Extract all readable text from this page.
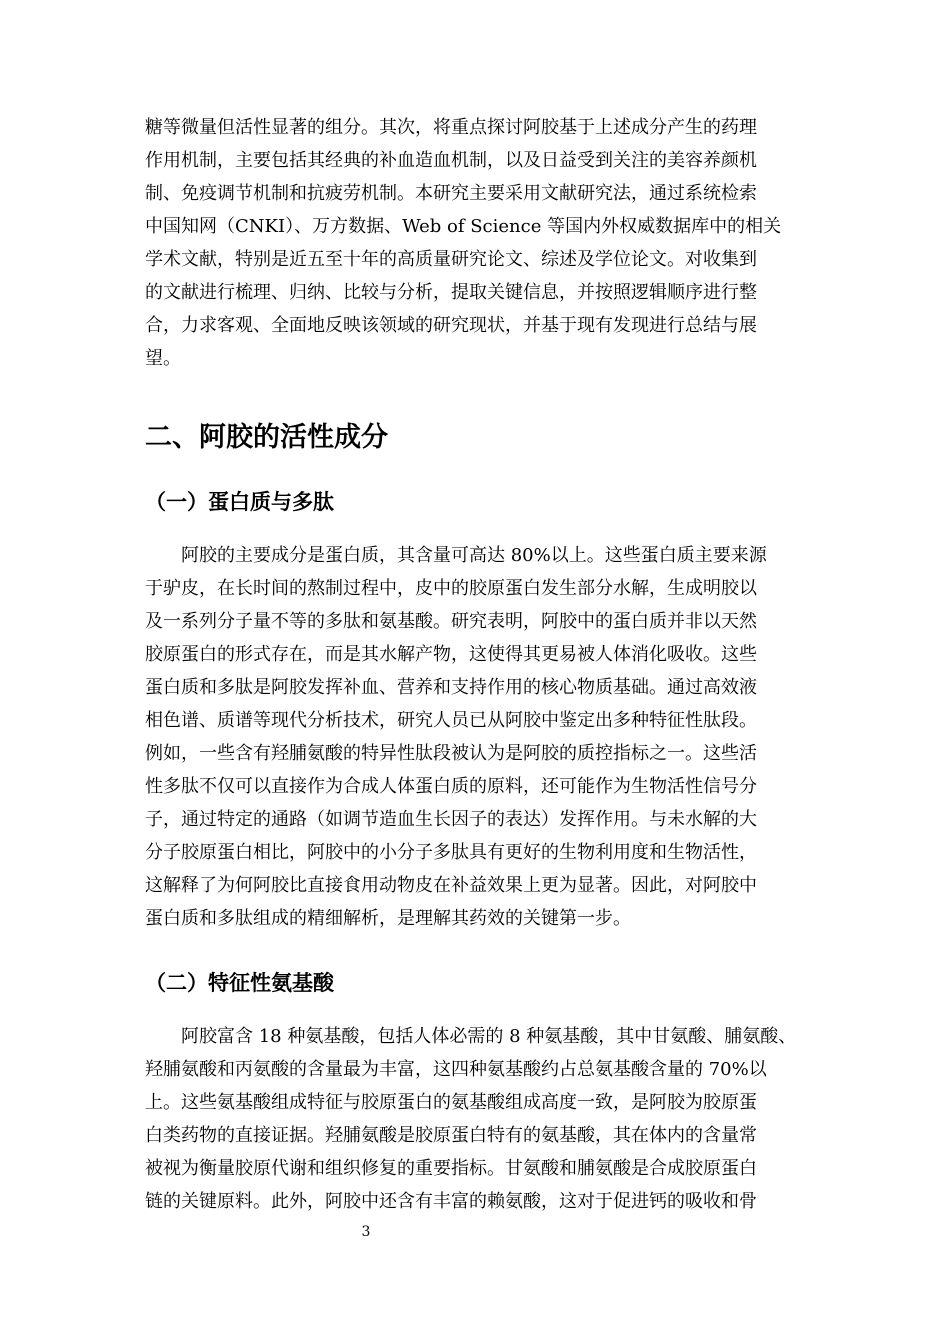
糖等微量但活性显著的组分。其次，将重点探讨阿胶基于上述成分产生的药理
作用机制，主要包括其经典的补血造血机制，以及日益受到关注的美容养颜机
制、免疫调节机制和抗疲劳机制。本研究主要采用文献研究法，通过系统检索
中国知网（CNKI）、万方数据、Web of Science 等国内外权威数据库中的相关
学术文献，特别是近五至十年的高质量研究论文、综述及学位论文。对收集到
的文献进行梳理、归纳、比较与分析，提取关键信息，并按照逻辑顺序进行整
合，力求客观、全面地反映该领域的研究现状，并基于现有发现进行总结与展
望。
二、阿胶的活性成分
（一）蛋白质与多肽
阿胶的主要成分是蛋白质，其含量可高达 80%以上。这些蛋白质主要来源
于驴皮，在长时间的熬制过程中，皮中的胶原蛋白发生部分水解，生成明胶以
及一系列分子量不等的多肽和氨基酸。研究表明，阿胶中的蛋白质并非以天然
胶原蛋白的形式存在，而是其水解产物，这使得其更易被人体消化吸收。这些
蛋白质和多肽是阿胶发挥补血、营养和支持作用的核心物质基础。通过高效液
相色谱、质谱等现代分析技术，研究人员已从阿胶中鉴定出多种特征性肽段。
例如，一些含有羟脯氨酸的特异性肽段被认为是阿胶的质控指标之一。这些活
性多肽不仅可以直接作为合成人体蛋白质的原料，还可能作为生物活性信号分
子，通过特定的通路（如调节造血生长因子的表达）发挥作用。与未水解的大
分子胶原蛋白相比，阿胶中的小分子多肽具有更好的生物利用度和生物活性，
这解释了为何阿胶比直接食用动物皮在补益效果上更为显著。因此，对阿胶中
蛋白质和多肽组成的精细解析，是理解其药效的关键第一步。
（二）特征性氨基酸
阿胶富含 18 种氨基酸，包括人体必需的 8 种氨基酸，其中甘氨酸、脯氨酸、
羟脯氨酸和丙氨酸的含量最为丰富，这四种氨基酸约占总氨基酸含量的 70%以
上。这些氨基酸组成特征与胶原蛋白的氨基酸组成高度一致，是阿胶为胶原蛋
白类药物的直接证据。羟脯氨酸是胶原蛋白特有的氨基酸，其在体内的含量常
被视为衡量胶原代谢和组织修复的重要指标。甘氨酸和脯氨酸是合成胶原蛋白
链的关键原料。此外，阿胶中还含有丰富的赖氨酸，这对于促进钙的吸收和骨
3
